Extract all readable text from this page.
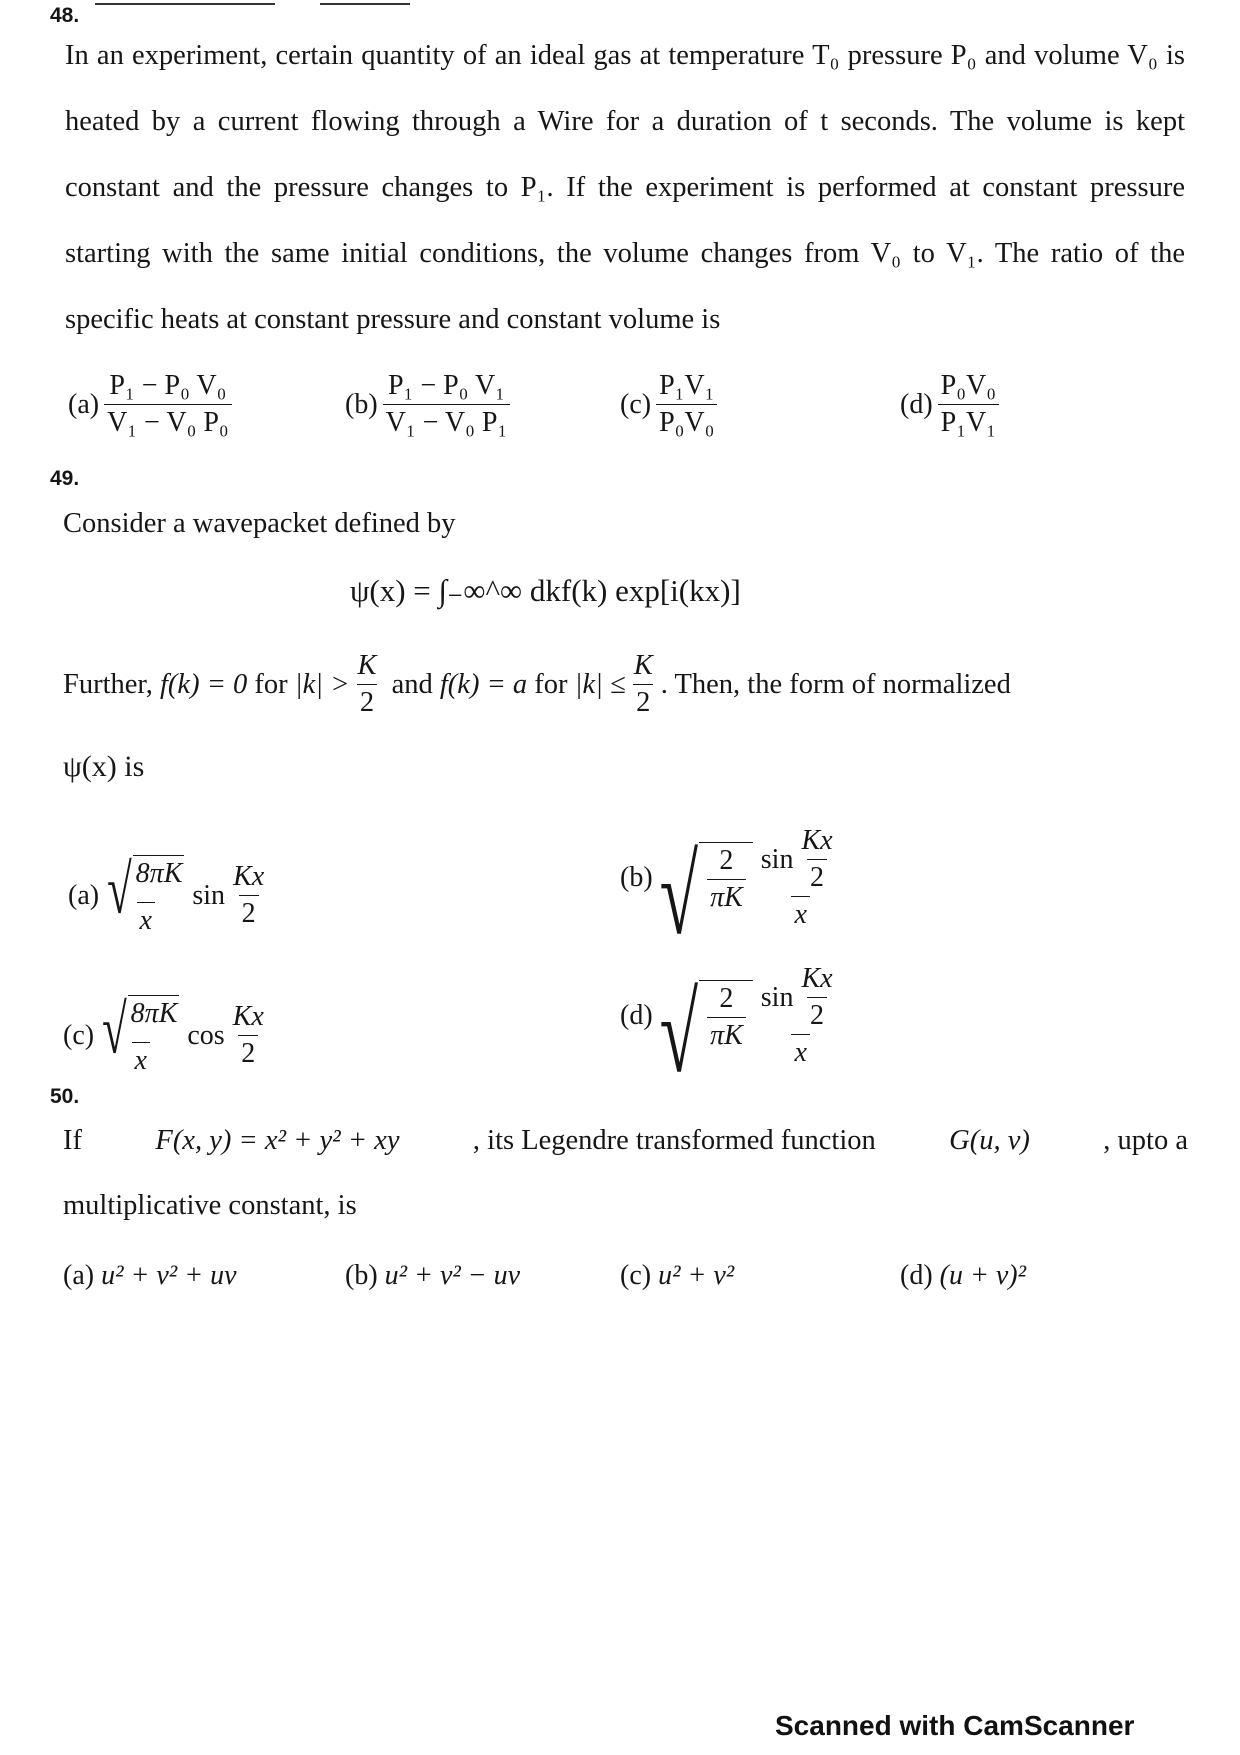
48.
In an experiment, certain quantity of an ideal gas at temperature T₀ pressure P₀ and volume V₀ is heated by a current flowing through a Wire for a duration of t seconds. The volume is kept constant and the pressure changes to P₁. If the experiment is performed at constant pressure starting with the same initial conditions, the volume changes from V₀ to V₁. The ratio of the specific heats at constant pressure and constant volume is
$(a) \frac{\text{P₁ − P₀ V₀}}{\text{V₁ − V₀ P₀}}$	$(b) \frac{\text{P₁ − P₀ V₁}}{\text{V₁ − V₀ P₁}}$	$(c) \frac{\text{P₁V₁}}{\text{P₀V₀}}$	$(d) \frac{\text{P₀V₀}}{\text{P₁V₁}}$
49.
Consider a wavepacket defined by
ψ(x) = ∫₋∞^∞ dkf(k) exp[i(kx)]
Further,
f(k) = 0
for
$|k| > \frac{K}{2}$
and
f(k) = a
for
$|k| \le \frac{K}{2}$ . Then, the form of normalized
ψ(x) is
$(a) \frac{√ 8\pi K}{x}$ $\sin \frac{Kx}{2}$	(b)
√ $\frac{2}{\pi K} \frac{\sin \frac{Kx}{2}}{x}$
$(c) \frac{√ 8\pi K}{x}$ $\cos \frac{Kx}{2}$	(d)
√ $\frac{2}{\pi K} \frac{\sin \frac{Kx}{2}}{x}$
50.
If	F(x, y) = x² + y² + xy	, its Legendre transformed function	G(u, v)	, upto a
multiplicative constant, is
(a)
u² + v² + uv	(b)
u² + v² − uv	(c)
u² + v²	(d)
(u + v)²
Scanned with CamScanner
